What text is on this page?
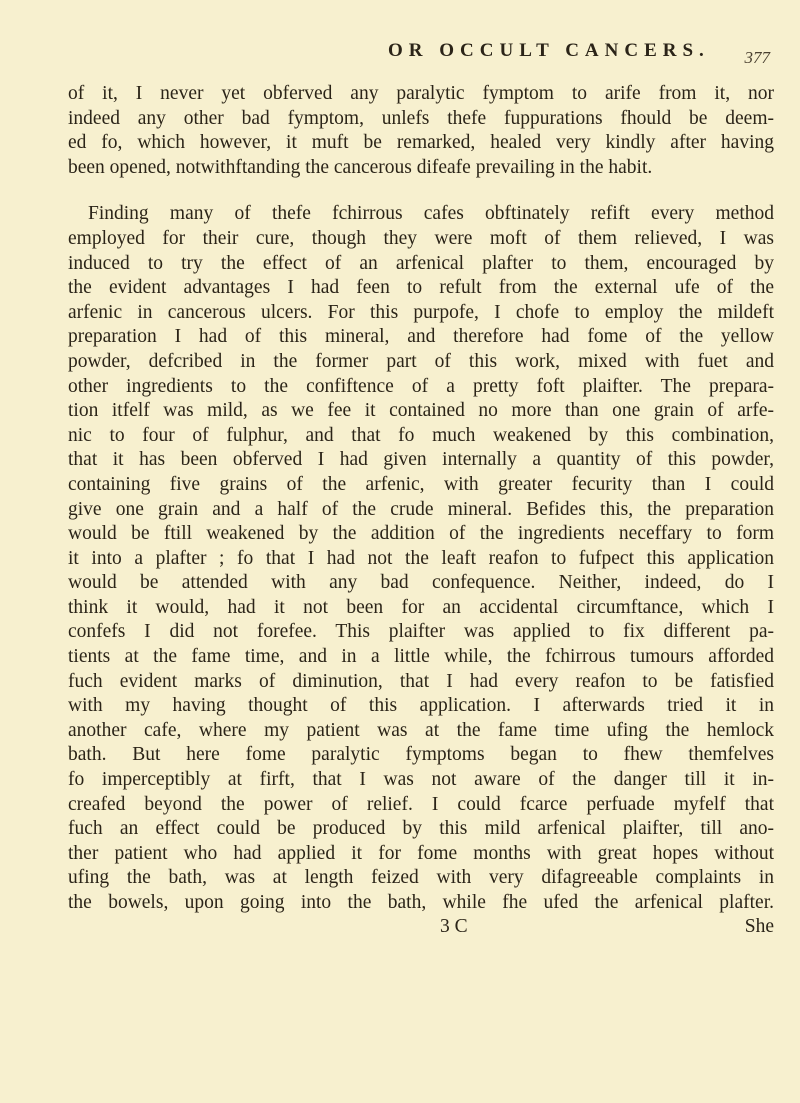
OR OCCULT CANCERS. 377
of it, I never yet obferved any paralytic fymptom to arife from it, nor
indeed any other bad fymptom, unlefs thefe fuppurations fhould be deem-
ed fo, which however, it muft be remarked, healed very kindly after having
been opened, notwithftanding the cancerous difeafe prevailing in the habit.
Finding many of thefe fchirrous cafes obftinately refift every method
employed for their cure, though they were moft of them relieved, I was
induced to try the effect of an arfenical plafter to them, encouraged by
the evident advantages I had feen to refult from the external ufe of the
arfenic in cancerous ulcers. For this purpofe, I chofe to employ the mildeft
preparation I had of this mineral, and therefore had fome of the yellow
powder, defcribed in the former part of this work, mixed with fuet and
other ingredients to the confiftence of a pretty foft plaifter. The prepara-
tion itfelf was mild, as we fee it contained no more than one grain of arfe-
nic to four of fulphur, and that fo much weakened by this combination,
that it has been obferved I had given internally a quantity of this powder,
containing five grains of the arfenic, with greater fecurity than I could
give one grain and a half of the crude mineral. Befides this, the preparation
would be ftill weakened by the addition of the ingredients neceffary to form
it into a plafter ; fo that I had not the leaft reafon to fufpect this application
would be attended with any bad confequence. Neither, indeed, do I
think it would, had it not been for an accidental circumftance, which I
confefs I did not forefee. This plaifter was applied to fix different pa-
tients at the fame time, and in a little while, the fchirrous tumours afforded
fuch evident marks of diminution, that I had every reafon to be fatisfied
with my having thought of this application. I afterwards tried it in
another cafe, where my patient was at the fame time ufing the hemlock
bath. But here fome paralytic fymptoms began to fhew themfelves
fo imperceptibly at firft, that I was not aware of the danger till it in-
creafed beyond the power of relief. I could fcarce perfuade myfelf that
fuch an effect could be produced by this mild arfenical plaifter, till ano-
ther patient who had applied it for fome months with great hopes without
ufing the bath, was at length feized with very difagreeable complaints in
the bowels, upon going into the bath, while fhe ufed the arfenical plafter.
3 C	She
